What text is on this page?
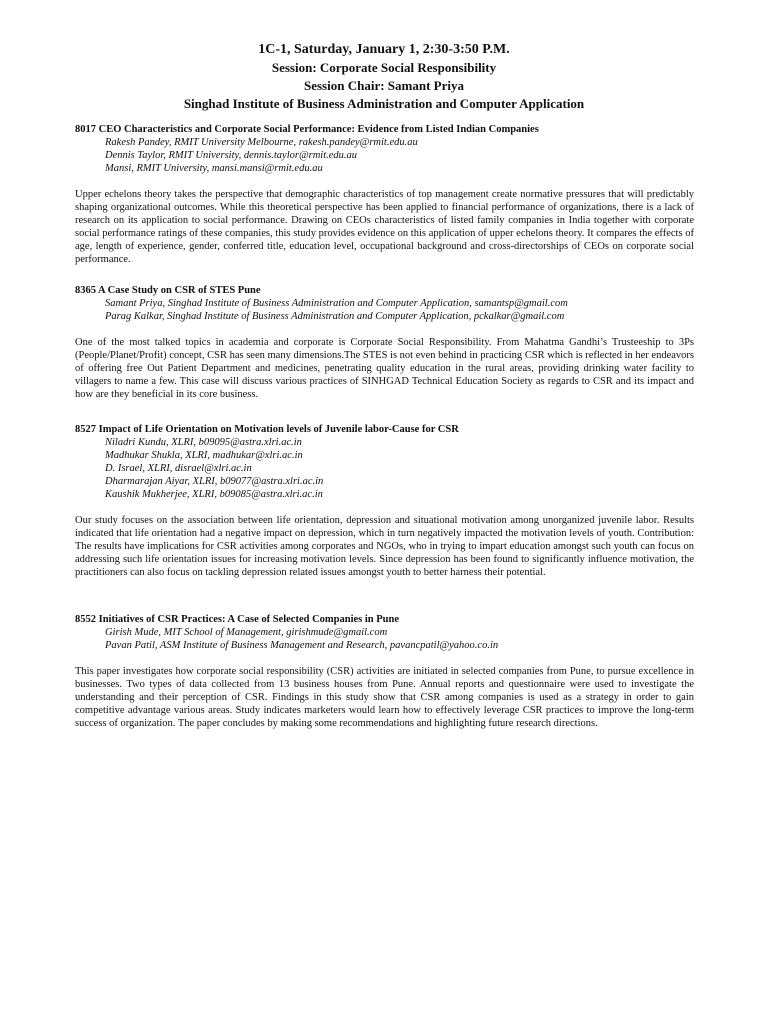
1C-1, Saturday, January 1, 2:30-3:50 P.M.
Session: Corporate Social Responsibility
Session Chair: Samant Priya
Singhad Institute of Business Administration and Computer Application
8017 CEO Characteristics and Corporate Social Performance: Evidence from Listed Indian Companies
Rakesh Pandey, RMIT University Melbourne, rakesh.pandey@rmit.edu.au
Dennis Taylor, RMIT University, dennis.taylor@rmit.edu.au
Mansi, RMIT University, mansi.mansi@rmit.edu.au
Upper echelons theory takes the perspective that demographic characteristics of top management create normative pressures that will predictably shaping organizational outcomes. While this theoretical perspective has been applied to financial performance of organizations, there is a lack of research on its application to social performance. Drawing on CEOs characteristics of listed family companies in India together with corporate social performance ratings of these companies, this study provides evidence on this application of upper echelons theory. It compares the effects of age, length of experience, gender, conferred title, education level, occupational background and cross-directorships of CEOs on corporate social performance.
8365 A Case Study on CSR of STES Pune
Samant Priya, Singhad Institute of Business Administration and Computer Application, samantsp@gmail.com
Parag Kalkar, Singhad Institute of Business Administration and Computer Application, pckalkar@gmail.com
One of the most talked topics in academia and corporate is Corporate Social Responsibility. From Mahatma Gandhi’s Trusteeship to 3Ps (People/Planet/Profit) concept, CSR has seen many dimensions.The STES is not even behind in practicing CSR which is reflected in her endeavors of offering free Out Patient Department and medicines, penetrating quality education in the rural areas, providing drinking water facility to villagers to name a few. This case will discuss various practices of SINHGAD Technical Education Society as regards to CSR and its impact and how are they beneficial in its core business.
8527 Impact of Life Orientation on Motivation levels of Juvenile labor-Cause for CSR
Niladri Kundu, XLRI, b09095@astra.xlri.ac.in
Madhukar Shukla, XLRI, madhukar@xlri.ac.in
D. Israel, XLRI, disrael@xlri.ac.in
Dharmarajan Aiyar, XLRI, b09077@astra.xlri.ac.in
Kaushik Mukherjee, XLRI, b09085@astra.xlri.ac.in
Our study focuses on the association between life orientation, depression and situational motivation among unorganized juvenile labor. Results indicated that life orientation had a negative impact on depression, which in turn negatively impacted the motivation levels of youth. Contribution: The results have implications for CSR activities among corporates and NGOs, who in trying to impart education amongst such youth can focus on addressing such life orientation issues for increasing motivation levels. Since depression has been found to significantly influence motivation, the practitioners can also focus on tackling depression related issues amongst youth to better harness their potential.
8552 Initiatives of CSR Practices: A Case of Selected Companies in Pune
Girish Mude, MIT School of Management, girishmude@gmail.com
Pavan Patil, ASM Institute of Business Management and Research, pavancpatil@yahoo.co.in
This paper investigates how corporate social responsibility (CSR) activities are initiated in selected companies from Pune, to pursue excellence in businesses. Two types of data collected from 13 business houses from Pune. Annual reports and questionnaire were used to investigate the understanding and their perception of CSR. Findings in this study show that CSR among companies is used as a strategy in order to gain competitive advantage various areas. Study indicates marketers would learn how to effectively leverage CSR practices to improve the long-term success of organization. The paper concludes by making some recommendations and highlighting future research directions.
